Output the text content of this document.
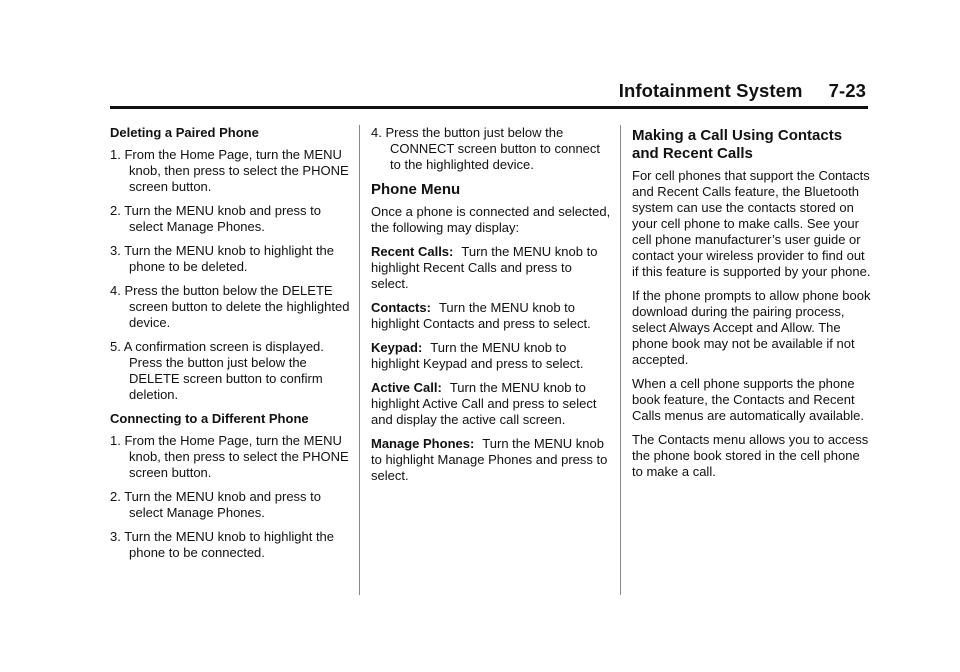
Infotainment System 7-23

Deleting a Paired Phone

1. From the Home Page, turn the MENU knob, then press to select the PHONE screen button.

2. Turn the MENU knob and press to select Manage Phones.

3. Turn the MENU knob to highlight the phone to be deleted.

4. Press the button below the DELETE screen button to delete the highlighted device.

5. A confirmation screen is displayed. Press the button just below the DELETE screen button to confirm deletion.

Connecting to a Different Phone

1. From the Home Page, turn the MENU knob, then press to select the PHONE screen button.

2. Turn the MENU knob and press to select Manage Phones.

3. Turn the MENU knob to highlight the phone to be connected.

4. Press the button just below the CONNECT screen button to connect to the highlighted device.

Phone Menu

Once a phone is connected and selected, the following may display:

Recent Calls: Turn the MENU knob to highlight Recent Calls and press to select.

Contacts: Turn the MENU knob to highlight Contacts and press to select.

Keypad: Turn the MENU knob to highlight Keypad and press to select.

Active Call: Turn the MENU knob to highlight Active Call and press to select and display the active call screen.

Manage Phones: Turn the MENU knob to highlight Manage Phones and press to select.

Making a Call Using Contacts and Recent Calls

For cell phones that support the Contacts and Recent Calls feature, the Bluetooth system can use the contacts stored on your cell phone to make calls. See your cell phone manufacturer’s user guide or contact your wireless provider to find out if this feature is supported by your phone.

If the phone prompts to allow phone book download during the pairing process, select Always Accept and Allow. The phone book may not be available if not accepted.

When a cell phone supports the phone book feature, the Contacts and Recent Calls menus are automatically available.

The Contacts menu allows you to access the phone book stored in the cell phone to make a call.
